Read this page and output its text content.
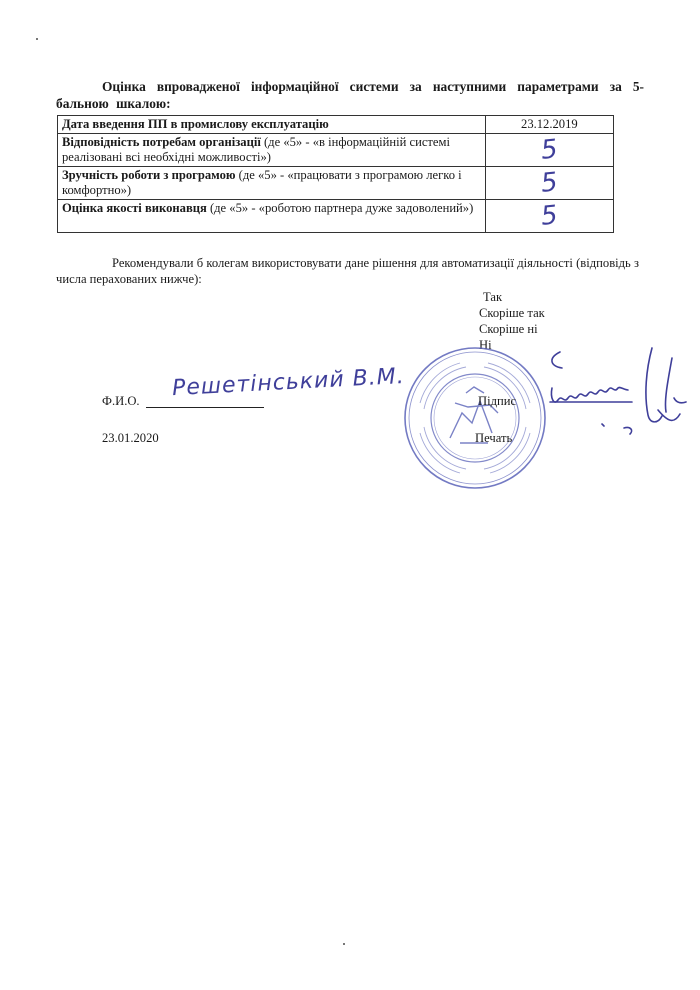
Оцінка впровадженої інформаційної системи за наступними параметрами за 5-бальною шкалою:
Дата введення ПП в промислову експлуатацію	23.12.2019
Відповідність потребам організації (де «5» - «в інформаційній системі реалізовані всі необхідні можливості»)	5
Зручність роботи з програмою (де «5» - «працювати з програмою легко і комфортно»)	5
Оцінка якості виконавця (де «5» - «роботою партнера дуже задоволений»)	5
Рекомендували б колегам використовувати дане рішення для автоматизації діяльності (відповідь з числа перахованих нижче):
Так
Скоріше так
Скоріше ні
Ні
Ф.И.О. Решетінський В.М.
23.01.2020
Підпис
Печать
